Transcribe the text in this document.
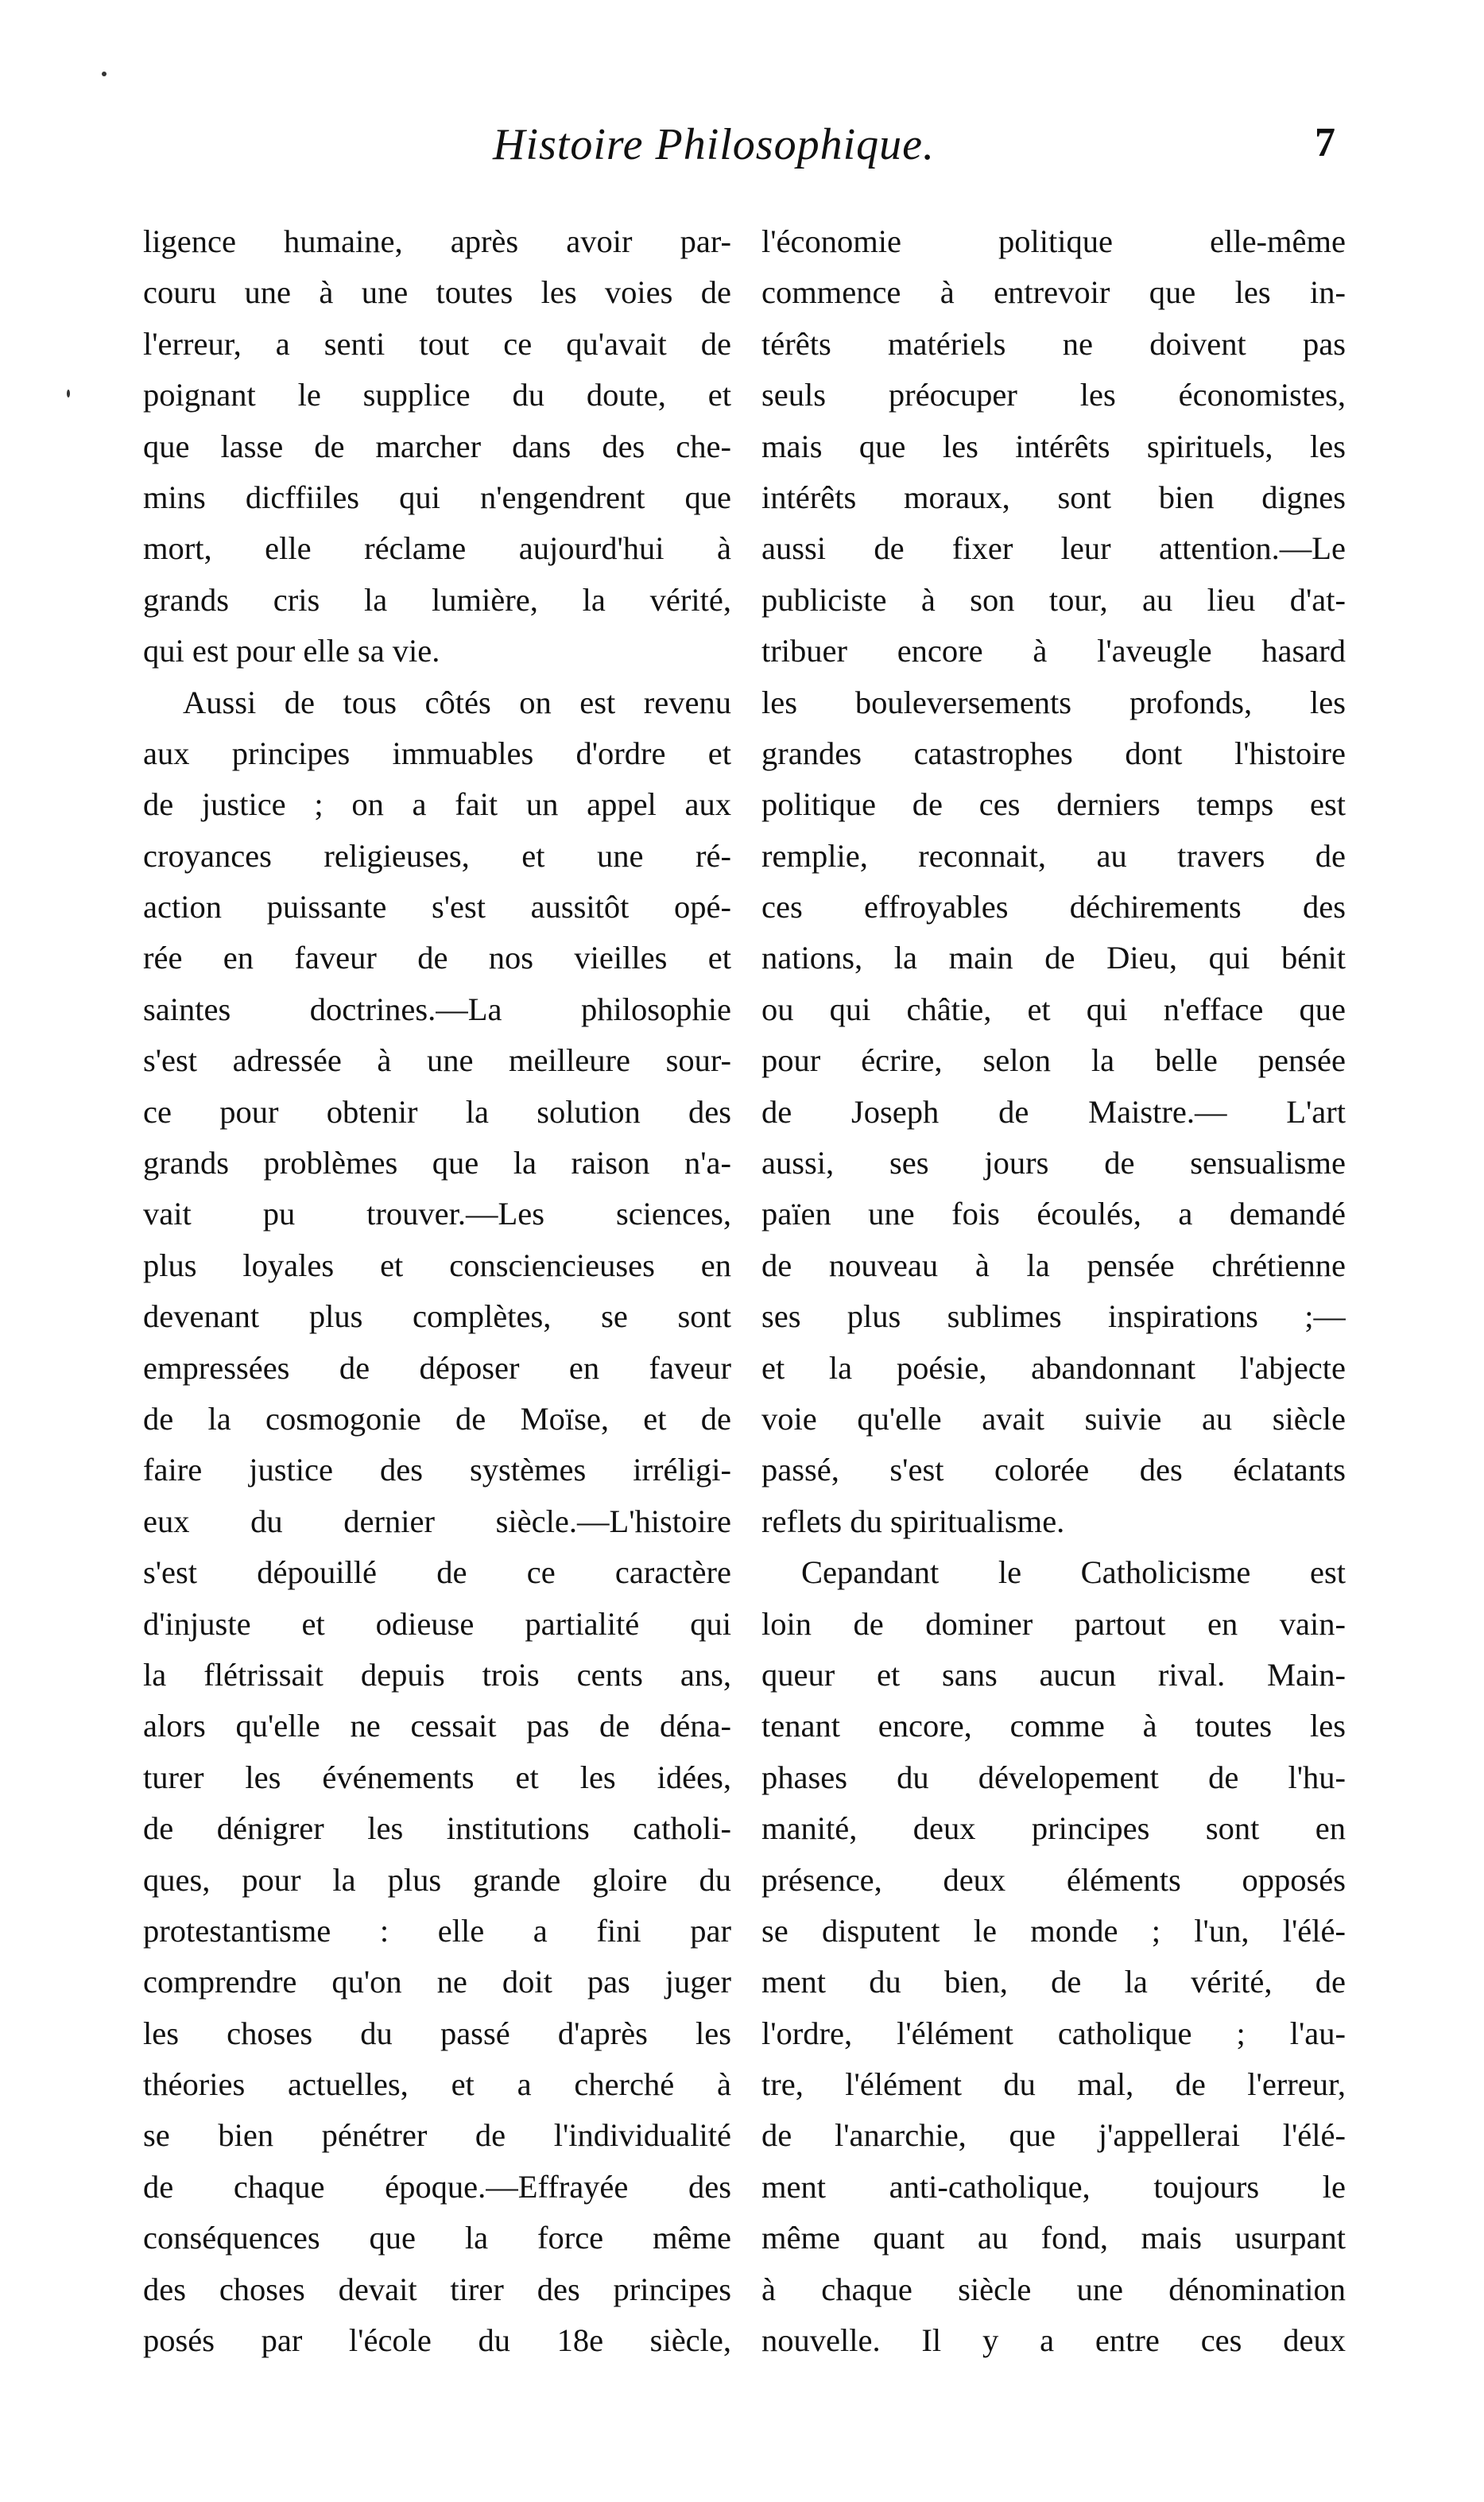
Histoire Philosophique.	7
ligence humaine, après avoir par-
couru une à une toutes les voies de
l'erreur, a senti tout ce qu'avait de
poignant le supplice du doute, et
que lasse de marcher dans des che-
mins dicffiiles qui n'engendrent que
mort, elle réclame aujourd'hui à
grands cris la lumière, la vérité,
qui est pour elle sa vie.
Aussi de tous côtés on est revenu
aux principes immuables d'ordre et
de justice ; on a fait un appel aux
croyances religieuses, et une ré-
action puissante s'est aussitôt opé-
rée en faveur de nos vieilles et
saintes doctrines.—La philosophie
s'est adressée à une meilleure sour-
ce pour obtenir la solution des
grands problèmes que la raison n'a-
vait pu trouver.—Les sciences,
plus loyales et consciencieuses en
devenant plus complètes, se sont
empressées de déposer en faveur
de la cosmogonie de Moïse, et de
faire justice des systèmes irréligi-
eux du dernier siècle.—L'histoire
s'est dépouillé de ce caractère
d'injuste et odieuse partialité qui
la flétrissait depuis trois cents ans,
alors qu'elle ne cessait pas de déna-
turer les événements et les idées,
de dénigrer les institutions catholi-
ques, pour la plus grande gloire du
protestantisme : elle a fini par
comprendre qu'on ne doit pas juger
les choses du passé d'après les
théories actuelles, et a cherché à
se bien pénétrer de l'individualité
de chaque époque.—Effrayée des
conséquences que la force même
des choses devait tirer des principes
posés par l'école du 18e siècle,
l'économie politique elle-même
commence à entrevoir que les in-
térêts matériels ne doivent pas
seuls préocuper les économistes,
mais que les intérêts spirituels, les
intérêts moraux, sont bien dignes
aussi de fixer leur attention.—Le
publiciste à son tour, au lieu d'at-
tribuer encore à l'aveugle hasard
les bouleversements profonds, les
grandes catastrophes dont l'histoire
politique de ces derniers temps est
remplie, reconnait, au travers de
ces effroyables déchirements des
nations, la main de Dieu, qui bénit
ou qui châtie, et qui n'efface que
pour écrire, selon la belle pensée
de Joseph de Maistre.— L'art
aussi, ses jours de sensualisme
païen une fois écoulés, a demandé
de nouveau à la pensée chrétienne
ses plus sublimes inspirations ;—
et la poésie, abandonnant l'abjecte
voie qu'elle avait suivie au siècle
passé, s'est colorée des éclatants
reflets du spiritualisme.
Cepandant le Catholicisme est
loin de dominer partout en vain-
queur et sans aucun rival. Main-
tenant encore, comme à toutes les
phases du dévelopement de l'hu-
manité, deux principes sont en
présence, deux éléments opposés
se disputent le monde ; l'un, l'élé-
ment du bien, de la vérité, de
l'ordre, l'élément catholique ; l'au-
tre, l'élément du mal, de l'erreur,
de l'anarchie, que j'appellerai l'élé-
ment anti-catholique, toujours le
même quant au fond, mais usurpant
à chaque siècle une dénomination
nouvelle. Il y a entre ces deux
